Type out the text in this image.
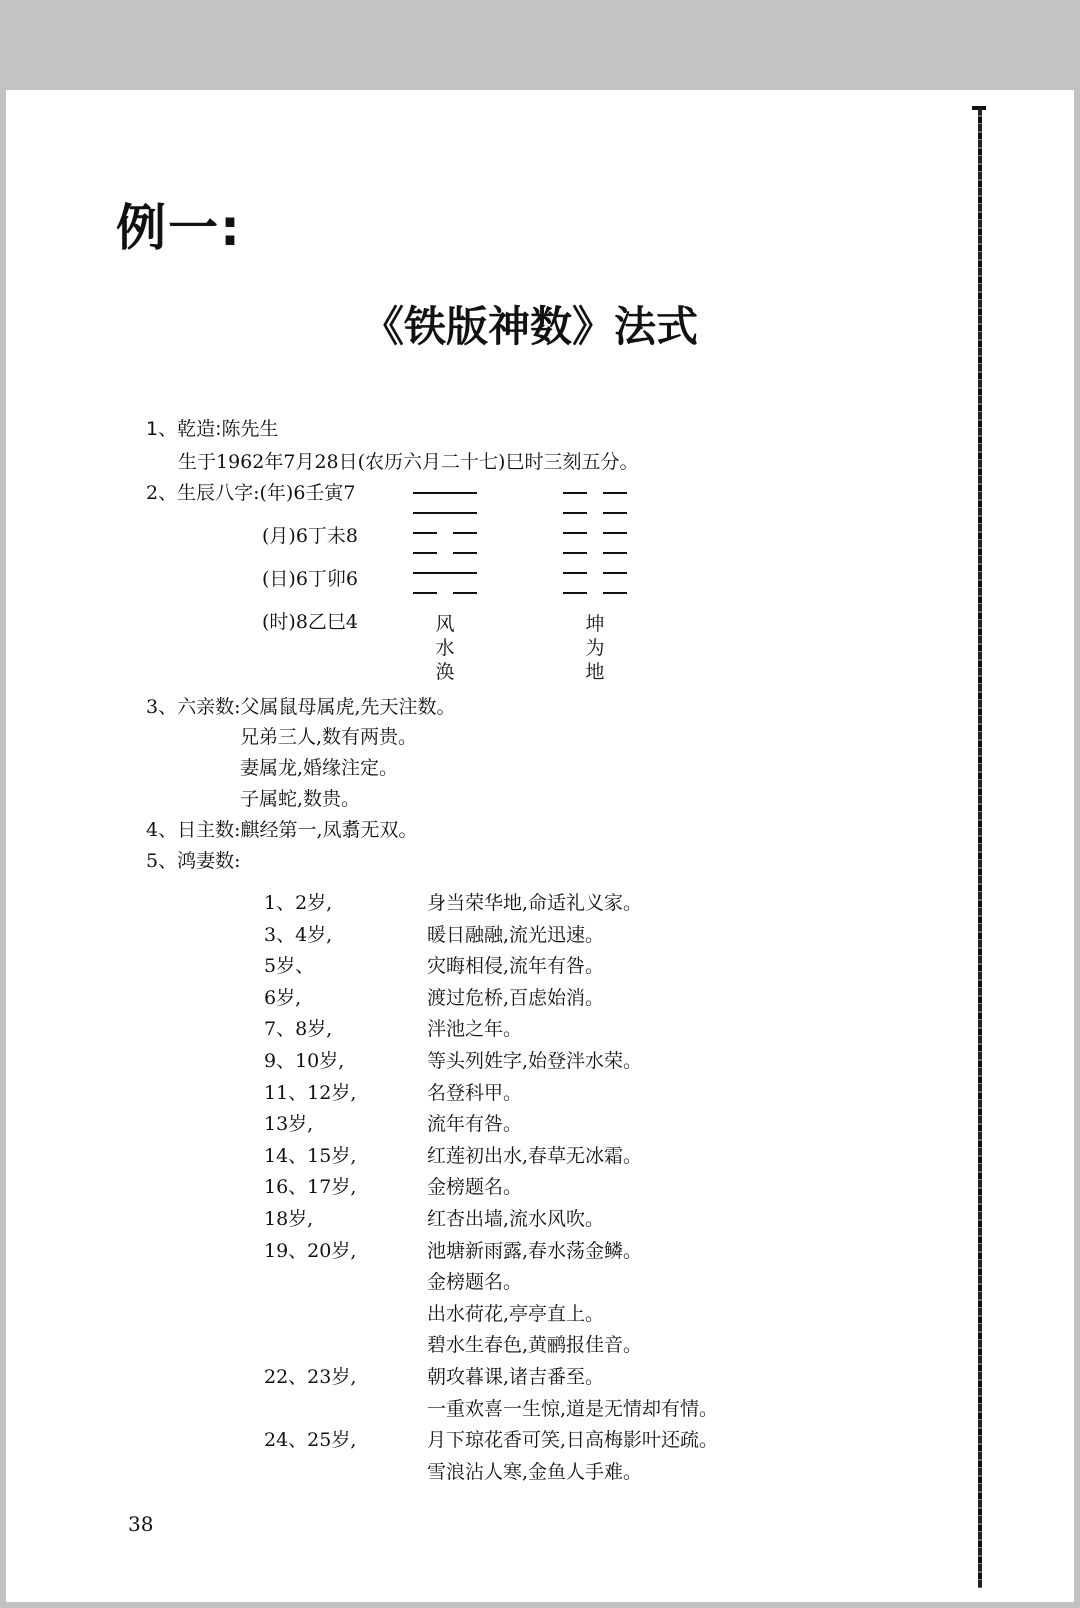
例一:
《铁版神数》法式
1、乾造:陈先生
生于1962年7月28日(农历六月二十七)巳时三刻五分。
2、生辰八字:(年)6壬寅7
(月)6丁未8
(日)6丁卯6
(时)8乙巳4	风
水
涣
坤
为
地
3、六亲数:父属鼠母属虎,先天注数。
兄弟三人,数有两贵。
妻属龙,婚缘注定。
子属蛇,数贵。
4、日主数:麒经第一,凤翥无双。
5、鸿妻数:
1、2岁,	身当荣华地,命适礼义家。
3、4岁,	暖日融融,流光迅速。
5岁、	灾晦相侵,流年有咎。
6岁,	渡过危桥,百虑始消。
7、8岁,	泮池之年。
9、10岁,	等头列姓字,始登泮水荣。
11、12岁,	名登科甲。
13岁,	流年有咎。
14、15岁,	红莲初出水,春草无冰霜。
16、17岁,	金榜题名。
18岁,	红杏出墙,流水风吹。
19、20岁,	池塘新雨露,春水荡金鳞。
金榜题名。
出水荷花,亭亭直上。
碧水生春色,黄鹂报佳音。
22、23岁,	朝攻暮课,诸吉番至。
一重欢喜一生惊,道是无情却有情。
24、25岁,	月下琼花香可笑,日高梅影叶还疏。
雪浪沾人寒,金鱼人手难。
38
